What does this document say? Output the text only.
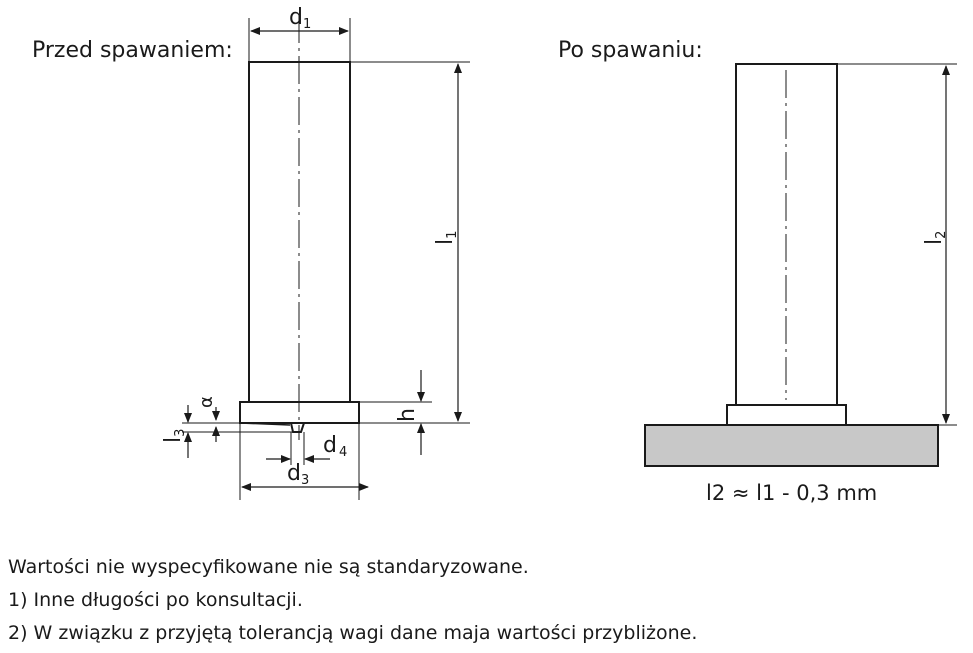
Przed spawaniem:
d1
l1
h
l3
α
d 4
d3
Po spawaniu:
l2
l2 ≈ l1 - 0,3 mm

Wartości nie wyspecyfikowane nie są standaryzowane.

1) Inne długości po konsultacji.

2) W związku z przyjętą tolerancją wagi dane maja wartości przybliżone.
